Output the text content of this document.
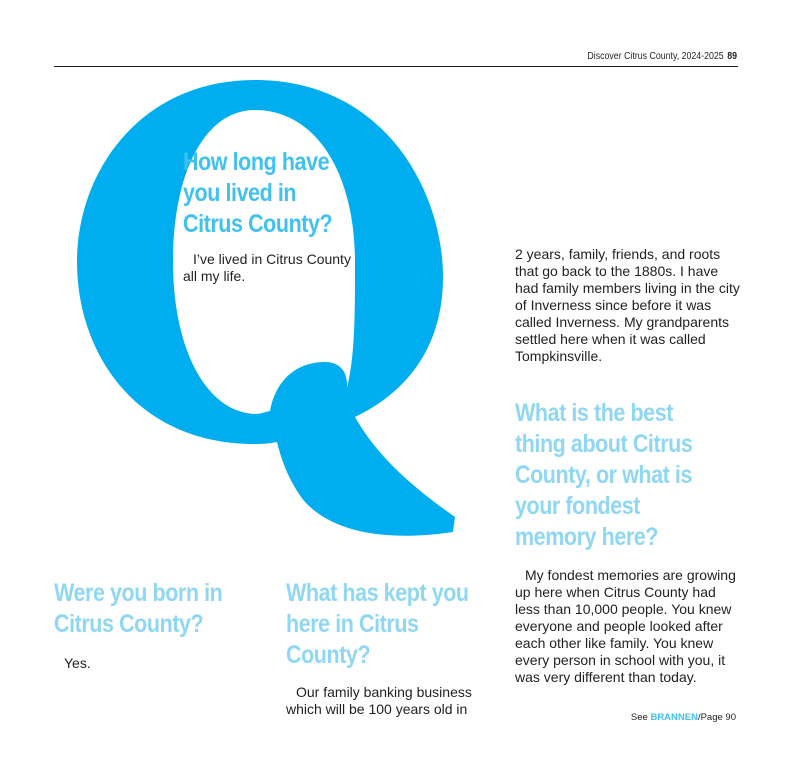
Discover Citrus County, 2024-2025 89
How long have you lived in Citrus County?
I’ve lived in Citrus County all my life.
Were you born in Citrus County?
Yes.
What has kept you here in Citrus County?
Our family banking business which will be 100 years old in
2 years, family, friends, and roots that go back to the 1880s. I have had family members living in the city of Inverness since before it was called Inverness. My grandparents settled here when it was called Tompkinsville.
What is the best thing about Citrus County, or what is your fondest memory here?
My fondest memories are growing up here when Citrus County had less than 10,000 people. You knew everyone and people looked after each other like family. You knew every person in school with you, it was very different than today.
See BRANNEN/Page 90
